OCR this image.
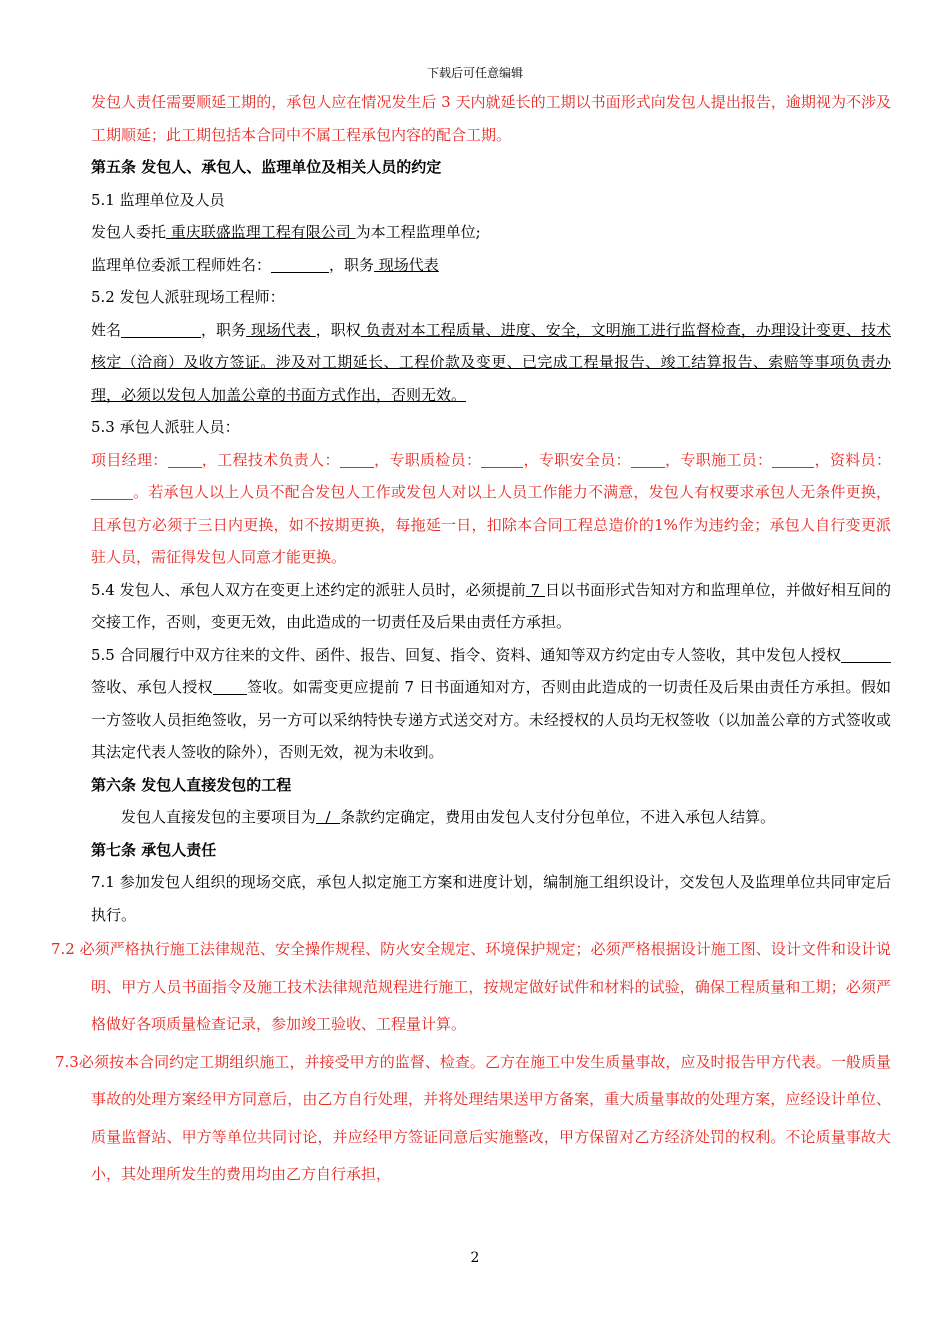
下载后可任意编辑

发包人责任需要顺延工期的，承包人应在情况发生后 3 天内就延长的工期以书面形式向发包人提出报告，逾期视为不涉及工期顺延；此工期包括本合同中不属工程承包内容的配合工期。

第五条 发包人、承包人、监理单位及相关人员的约定

5.1 监理单位及人员

发包人委托 重庆联盛监理工程有限公司 为本工程监理单位;

监理单位委派工程师姓名：	，职务 现场代表

5.2 发包人派驻现场工程师：

姓名	，职务 现场代表 ，职权 负责对本工程质量、进度、安全，文明施工进行监督检查，办理设计变更、技术核定（洽商）及收方签证。涉及对工期延长、工程价款及变更、已完成工程量报告、竣工结算报告、索赔等事项负责办理，必须以发包人加盖公章的书面方式作出，否则无效。

5.3 承包人派驻人员：

项目经理： ，工程技术负责人： ，专职质检员：	，专职安全员： ，专职施工员：	，资料员：。若承包人以上人员不配合发包人工作或发包人对以上人员工作能力不满意，发包人有权要求承包人无条件更换，且承包方必须于三日内更换，如不按期更换，每拖延一日，扣除本合同工程总造价的1%作为违约金；承包人自行变更派驻人员，需征得发包人同意才能更换。

5.4 发包人、承包人双方在变更上述约定的派驻人员时，必须提前 7 日以书面形式告知对方和监理单位，并做好相互间的交接工作，否则，变更无效，由此造成的一切责任及后果由责任方承担。

5.5 合同履行中双方往来的文件、函件、报告、回复、指令、资料、通知等双方约定由专人签收，其中发包人授权签收、承包人授权 签收。如需变更应提前 7 日书面通知对方，否则由此造成的一切责任及后果由责任方承担。假如一方签收人员拒绝签收，另一方可以采纳特快专递方式送交对方。未经授权的人员均无权签收（以加盖公章的方式签收或其法定代表人签收的除外），否则无效，视为未收到。

第六条 发包人直接发包的工程

发包人直接发包的主要项目为  /  条款约定确定，费用由发包人支付分包单位，不进入承包人结算。

第七条 承包人责任

7.1 参加发包人组织的现场交底，承包人拟定施工方案和进度计划，编制施工组织设计，交发包人及监理单位共同审定后执行。

7.2 必须严格执行施工法律规范、安全操作规程、防火安全规定、环境保护规定；必须严格根据设计施工图、设计文件和设计说明、甲方人员书面指令及施工技术法律规范规程进行施工，按规定做好试件和材料的试验，确保工程质量和工期；必须严格做好各项质量检查记录，参加竣工验收、工程量计算。

7.3必须按本合同约定工期组织施工，并接受甲方的监督、检查。乙方在施工中发生质量事故，应及时报告甲方代表。一般质量事故的处理方案经甲方同意后，由乙方自行处理，并将处理结果送甲方备案，重大质量事故的处理方案，应经设计单位、质量监督站、甲方等单位共同讨论，并应经甲方签证同意后实施整改，甲方保留对乙方经济处罚的权利。不论质量事故大小，其处理所发生的费用均由乙方自行承担，

2
